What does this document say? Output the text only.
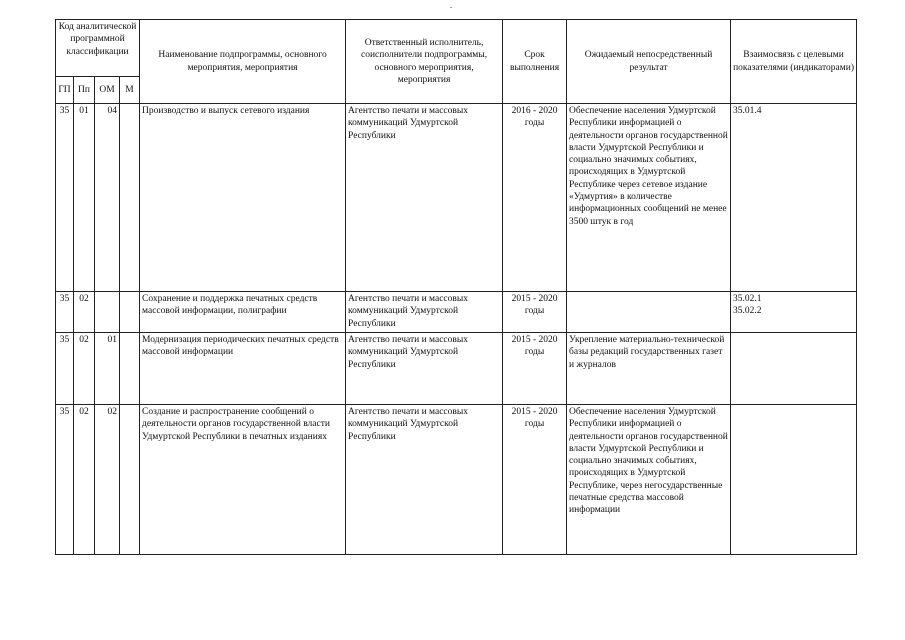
-
Код аналитической программной классификации				Наименование подпрограммы, основного мероприятия, мероприятия	Ответственный исполнитель, соисполнители подпрограммы, основного мероприятия, мероприятия	Срок выполнения	Ожидаемый непосредственный результат	Взаимосвязь с целевыми показателями (индикаторами)
ГП	Пп	ОМ	М					
35	01	04		Производство и выпуск сетевого издания	Агентство печати и массовых коммуникаций Удмуртской Республики	2016 - 2020 годы	Обеспечение населения Удмуртской Республики информацией о деятельности органов государственной власти Удмуртской Республики и социально значимых событиях, происходящих в Удмуртской Республике через сетевое издание «Удмуртия» в количестве информационных сообщений не менее 3500 штук в год	35.01.4

35	02			Сохранение и поддержка печатных средств массовой информации, полиграфии	Агентство печати и массовых коммуникаций Удмуртской Республики	2015 - 2020 годы		35.02.1
35.02.2

35	02	01		Модернизация периодических печатных средств массовой информации	Агентство печати и массовых коммуникаций Удмуртской Республики	2015 - 2020 годы	Укрепление материально-технической базы редакций государственных газет и журналов	
35	02	02		Создание и распространение сообщений о деятельности органов государственной власти Удмуртской Республики в печатных изданиях	Агентство печати и массовых коммуникаций Удмуртской Республики	2015 - 2020 годы	Обеспечение населения Удмуртской Республики информацией о деятельности органов государственной власти Удмуртской Республики и социально значимых событиях, происходящих в Удмуртской Республике, через негосударственные печатные средства массовой информации	
